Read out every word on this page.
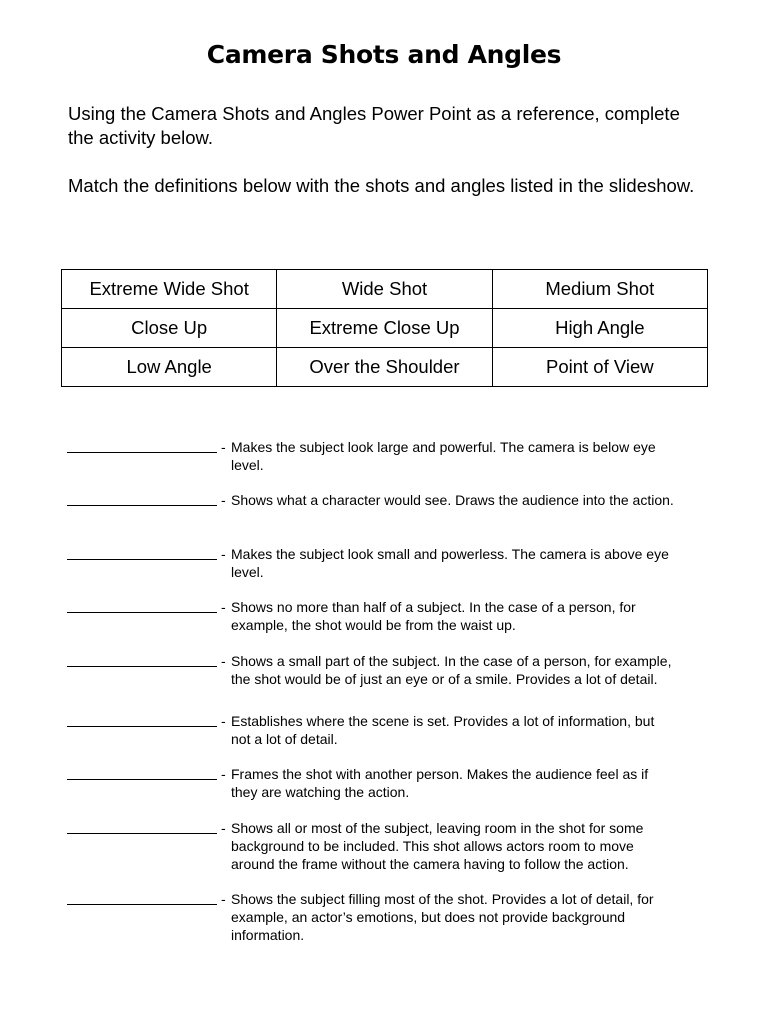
Camera Shots and Angles
Using the Camera Shots and Angles Power Point as a reference, complete the activity below.
Match the definitions below with the shots and angles listed in the slideshow.
Extreme Wide Shot	Wide Shot	Medium Shot
Close Up	Extreme Close Up	High Angle
Low Angle	Over the Shoulder	Point of View
- Makes the subject look large and powerful. The camera is below eye
level.
- Shows what a character would see. Draws the audience into the action.
- Makes the subject look small and powerless. The camera is above eye
level.
- Shows no more than half of a subject. In the case of a person, for
example, the shot would be from the waist up.
- Shows a small part of the subject. In the case of a person, for example,
the shot would be of just an eye or of a smile. Provides a lot of detail.
- Establishes where the scene is set. Provides a lot of information, but
not a lot of detail.
- Frames the shot with another person. Makes the audience feel as if
they are watching the action.
- Shows all or most of the subject, leaving room in the shot for some
background to be included. This shot allows actors room to move
around the frame without the camera having to follow the action.
- Shows the subject filling most of the shot. Provides a lot of detail, for
example, an actor’s emotions, but does not provide background
information.
